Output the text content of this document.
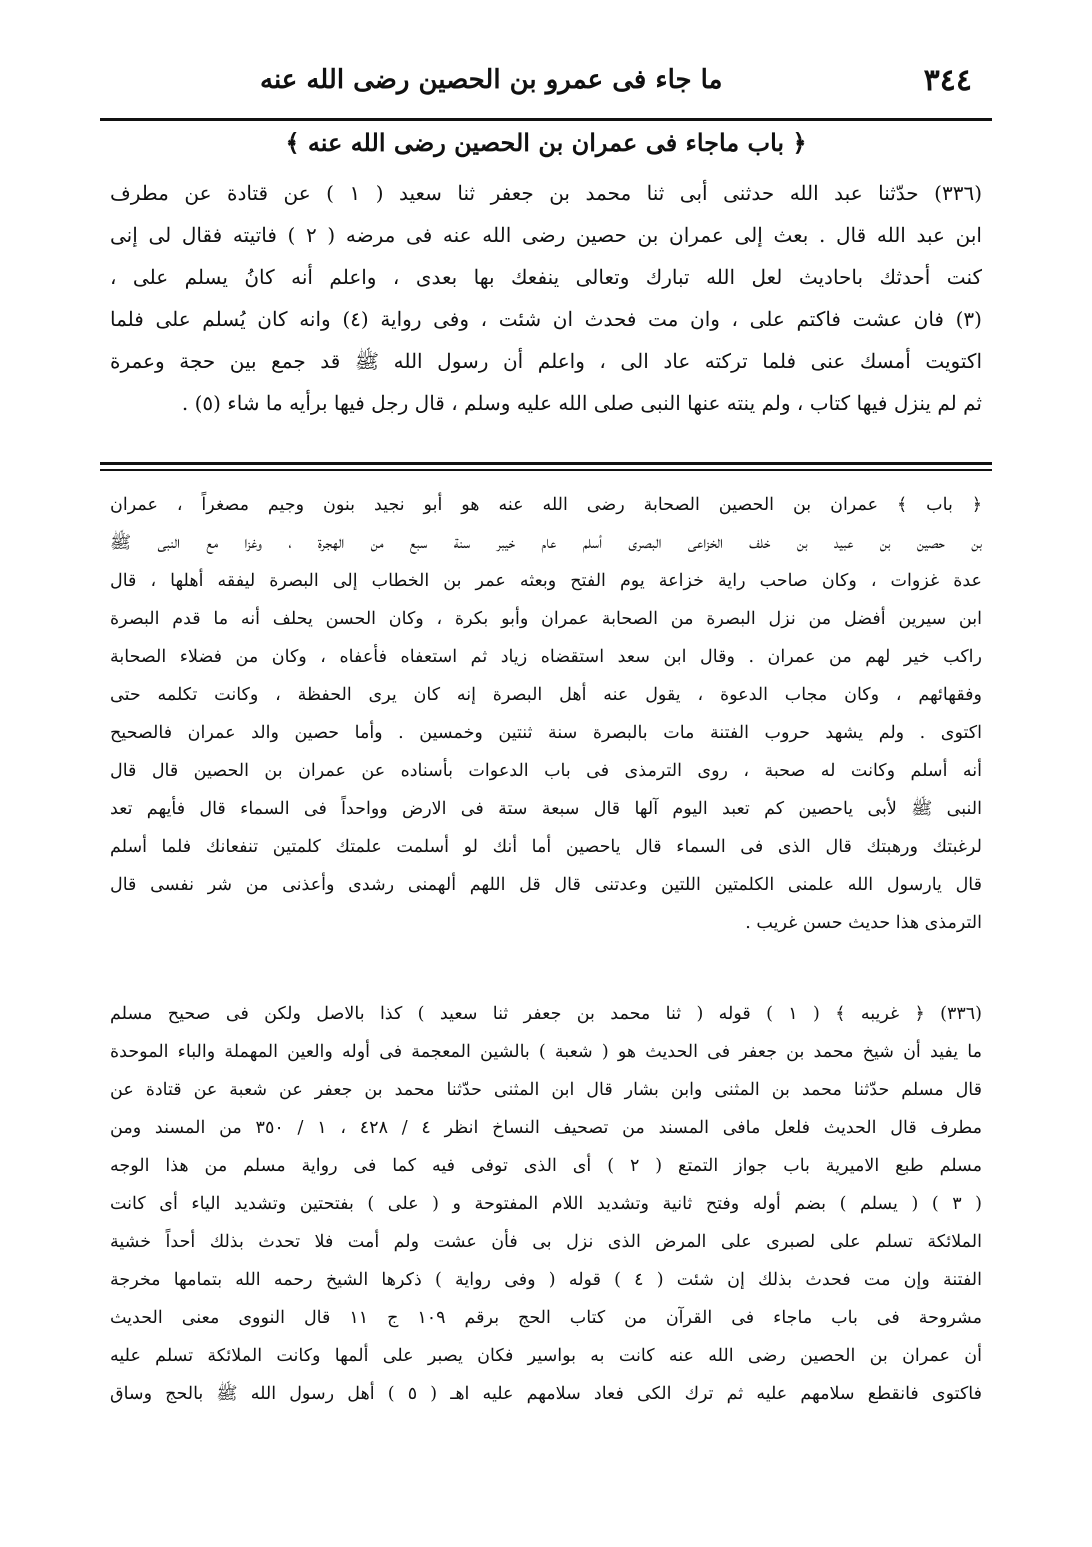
٣٤٤
ما جاء فى عمرو بن الحصين رضى الله عنه
﴿ باب ماجاء فى عمران بن الحصين رضى الله عنه ﴾
(٣٣٦) حدّثنا عبد الله حدثنى أبى ثنا محمد بن جعفر ثنا سعيد ( ١ ) عن قتادة عن مطرف
ابن عبد الله قال . بعث إلى عمران بن حصين رضى الله عنه فى مرضه ( ٢ ) فاتيته فقال لى إنى
كنت أحدثك باحاديث لعل الله تبارك وتعالى ينفعك بها بعدى ، واعلم أنه كانُ يسلم على ،
(٣) فان عشت فاكتم على ، وان مت فحدث ان شئت ، وفى رواية (٤) وانه كان يُسلم على فلما
اكتويت أمسك عنى فلما تركته عاد الى ، واعلم أن رسول الله ﷺ قد جمع بين حجة وعمرة
ثم لم ينزل فيها كتاب ، ولم ينته عنها النبى صلى الله عليه وسلم ، قال رجل فيها برأيه ما شاء (٥) .
﴿ باب ﴾ عمران بن الحصين الصحابة رضى الله عنه هو أبو نجيد بنون وجيم مصغراً ، عمران
بن حصين بن عبيد بن خلف الخزاعى البصرى أسلم عام خيبر سنة سبع من الهجرة ، وغزا مع النبى ﷺ
عدة غزوات ، وكان صاحب راية خزاعة يوم الفتح وبعثه عمر بن الخطاب إلى البصرة ليفقه أهلها ، قال
ابن سيرين أفضل من نزل البصرة من الصحابة عمران وأبو بكرة ، وكان الحسن يحلف أنه ما قدم البصرة
راكب خير لهم من عمران . وقال ابن سعد استقضاه زياد ثم استعفاه فأعفاه ، وكان من فضلاء الصحابة
وفقهائهم ، وكان مجاب الدعوة ، يقول عنه أهل البصرة إنه كان يرى الحفظة ، وكانت تكلمه حتى
اكتوى . ولم يشهد حروب الفتنة مات بالبصرة سنة ثنتين وخمسين . وأما حصين والد عمران فالصحيح
أنه أسلم وكانت له صحبة ، روى الترمذى فى باب الدعوات بأسناده عن عمران بن الحصين قال قال
النبى ﷺ لأبى ياحصين كم تعبد اليوم آلها قال سبعة ستة فى الارض وواحداً فى السماء قال فأيهم تعد
لرغبتك ورهبتك قال الذى فى السماء قال ياحصين أما أنك لو أسلمت علمتك كلمتين تنفعانك فلما أسلم
قال يارسول الله علمنى الكلمتين اللتين وعدتنى قال قل اللهم ألهمنى رشدى وأعذنى من شر نفسى قال
الترمذى هذا حديث حسن غريب .
(٣٣٦) ﴿ غريبه ﴾ ( ١ ) قوله ( ثنا محمد بن جعفر ثنا سعيد ) كذا بالاصل ولكن فى صحيح مسلم
ما يفيد أن شيخ محمد بن جعفر فى الحديث هو ( شعبة ) بالشين المعجمة فى أوله والعين المهملة والباء الموحدة
قال مسلم حدّثنا محمد بن المثنى وابن بشار قال ابن المثنى حدّثنا محمد بن جعفر عن شعبة عن قتادة عن
مطرف قال الحديث فلعل مافى المسند من تصحيف النساخ انظر ٤ / ٤٢٨ ، ١ / ٣٥٠ من المسند ومن
مسلم طبع الاميرية باب جواز التمتع ( ٢ ) أى الذى توفى فيه كما فى رواية مسلم من هذا الوجه
( ٣ ) ( يسلم ) بضم أوله وفتح ثانية وتشديد اللام المفتوحة و ( على ) بفتحتين وتشديد الياء أى كانت
الملائكة تسلم على لصبرى على المرض الذى نزل بى فأن عشت ولم أمت فلا تحدث بذلك أحداً خشية
الفتنة وإن مت فحدث بذلك إن شئت ( ٤ ) قوله ( وفى رواية ) ذكرها الشيخ رحمه الله بتمامها مخرجة
مشروحة فى باب ماجاء فى القرآن من كتاب الحج برقم ١٠٩ ج ١١ قال النووى معنى الحديث
أن عمران بن الحصين رضى الله عنه كانت به بواسير فكان يصبر على ألمها وكانت الملائكة تسلم عليه
فاكتوى فانقطع سلامهم عليه ثم ترك الكى فعاد سلامهم عليه اهـ ( ٥ ) أهل رسول الله ﷺ بالحج وساق
